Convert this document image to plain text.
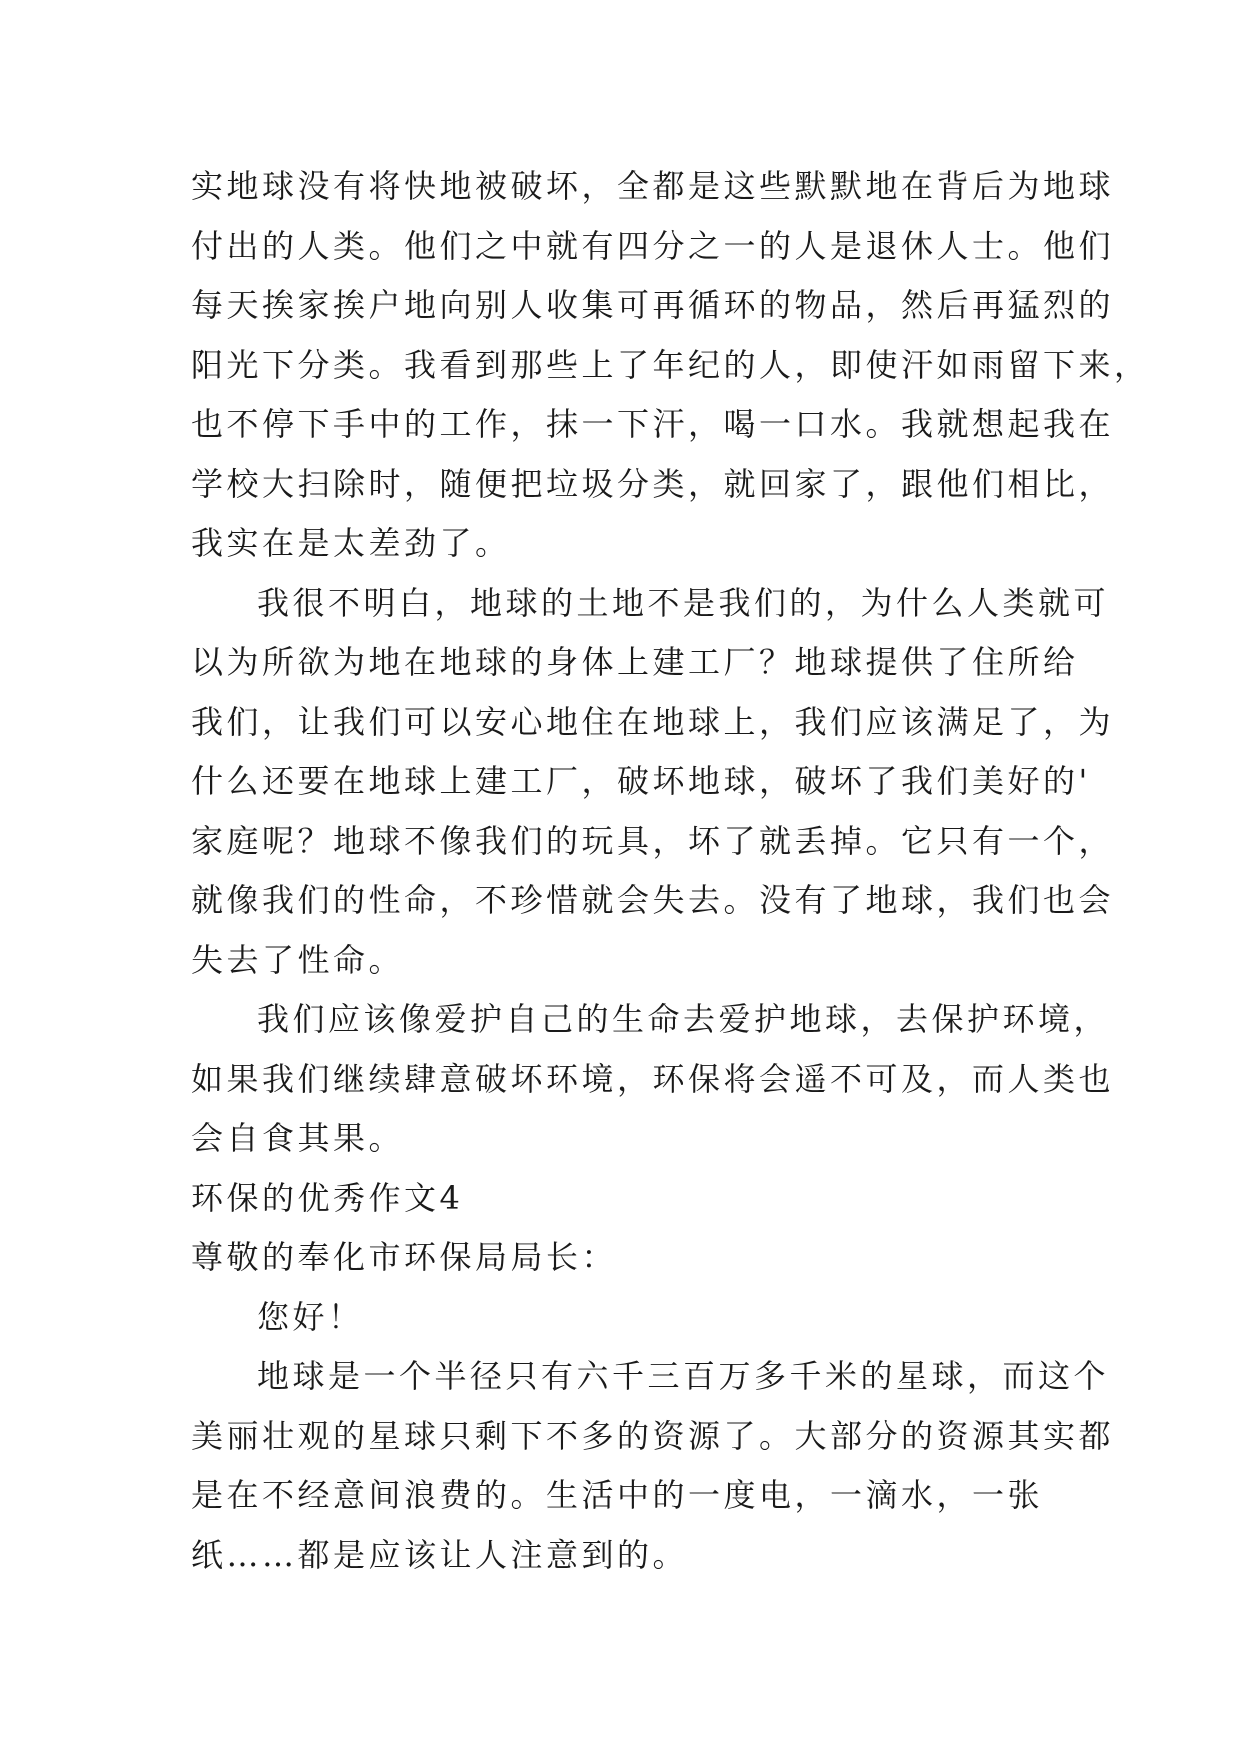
实地球没有将快地被破坏，全都是这些默默地在背后为地球
付出的人类。他们之中就有四分之一的人是退休人士。他们
每天挨家挨户地向别人收集可再循环的物品，然后再猛烈的
阳光下分类。我看到那些上了年纪的人，即使汗如雨留下来，
也不停下手中的工作，抹一下汗，喝一口水。我就想起我在
学校大扫除时，随便把垃圾分类，就回家了，跟他们相比，
我实在是太差劲了。
我很不明白，地球的土地不是我们的，为什么人类就可
以为所欲为地在地球的身体上建工厂？地球提供了住所给
我们，让我们可以安心地住在地球上，我们应该满足了，为
什么还要在地球上建工厂，破坏地球，破坏了我们美好的'
家庭呢？地球不像我们的玩具，坏了就丢掉。它只有一个，
就像我们的性命，不珍惜就会失去。没有了地球，我们也会
失去了性命。
我们应该像爱护自己的生命去爱护地球，去保护环境，
如果我们继续肆意破坏环境，环保将会遥不可及，而人类也
会自食其果。
环保的优秀作文4
尊敬的奉化市环保局局长：
您好！
地球是一个半径只有六千三百万多千米的星球，而这个
美丽壮观的星球只剩下不多的资源了。大部分的资源其实都
是在不经意间浪费的。生活中的一度电，一滴水，一张
纸……都是应该让人注意到的。
